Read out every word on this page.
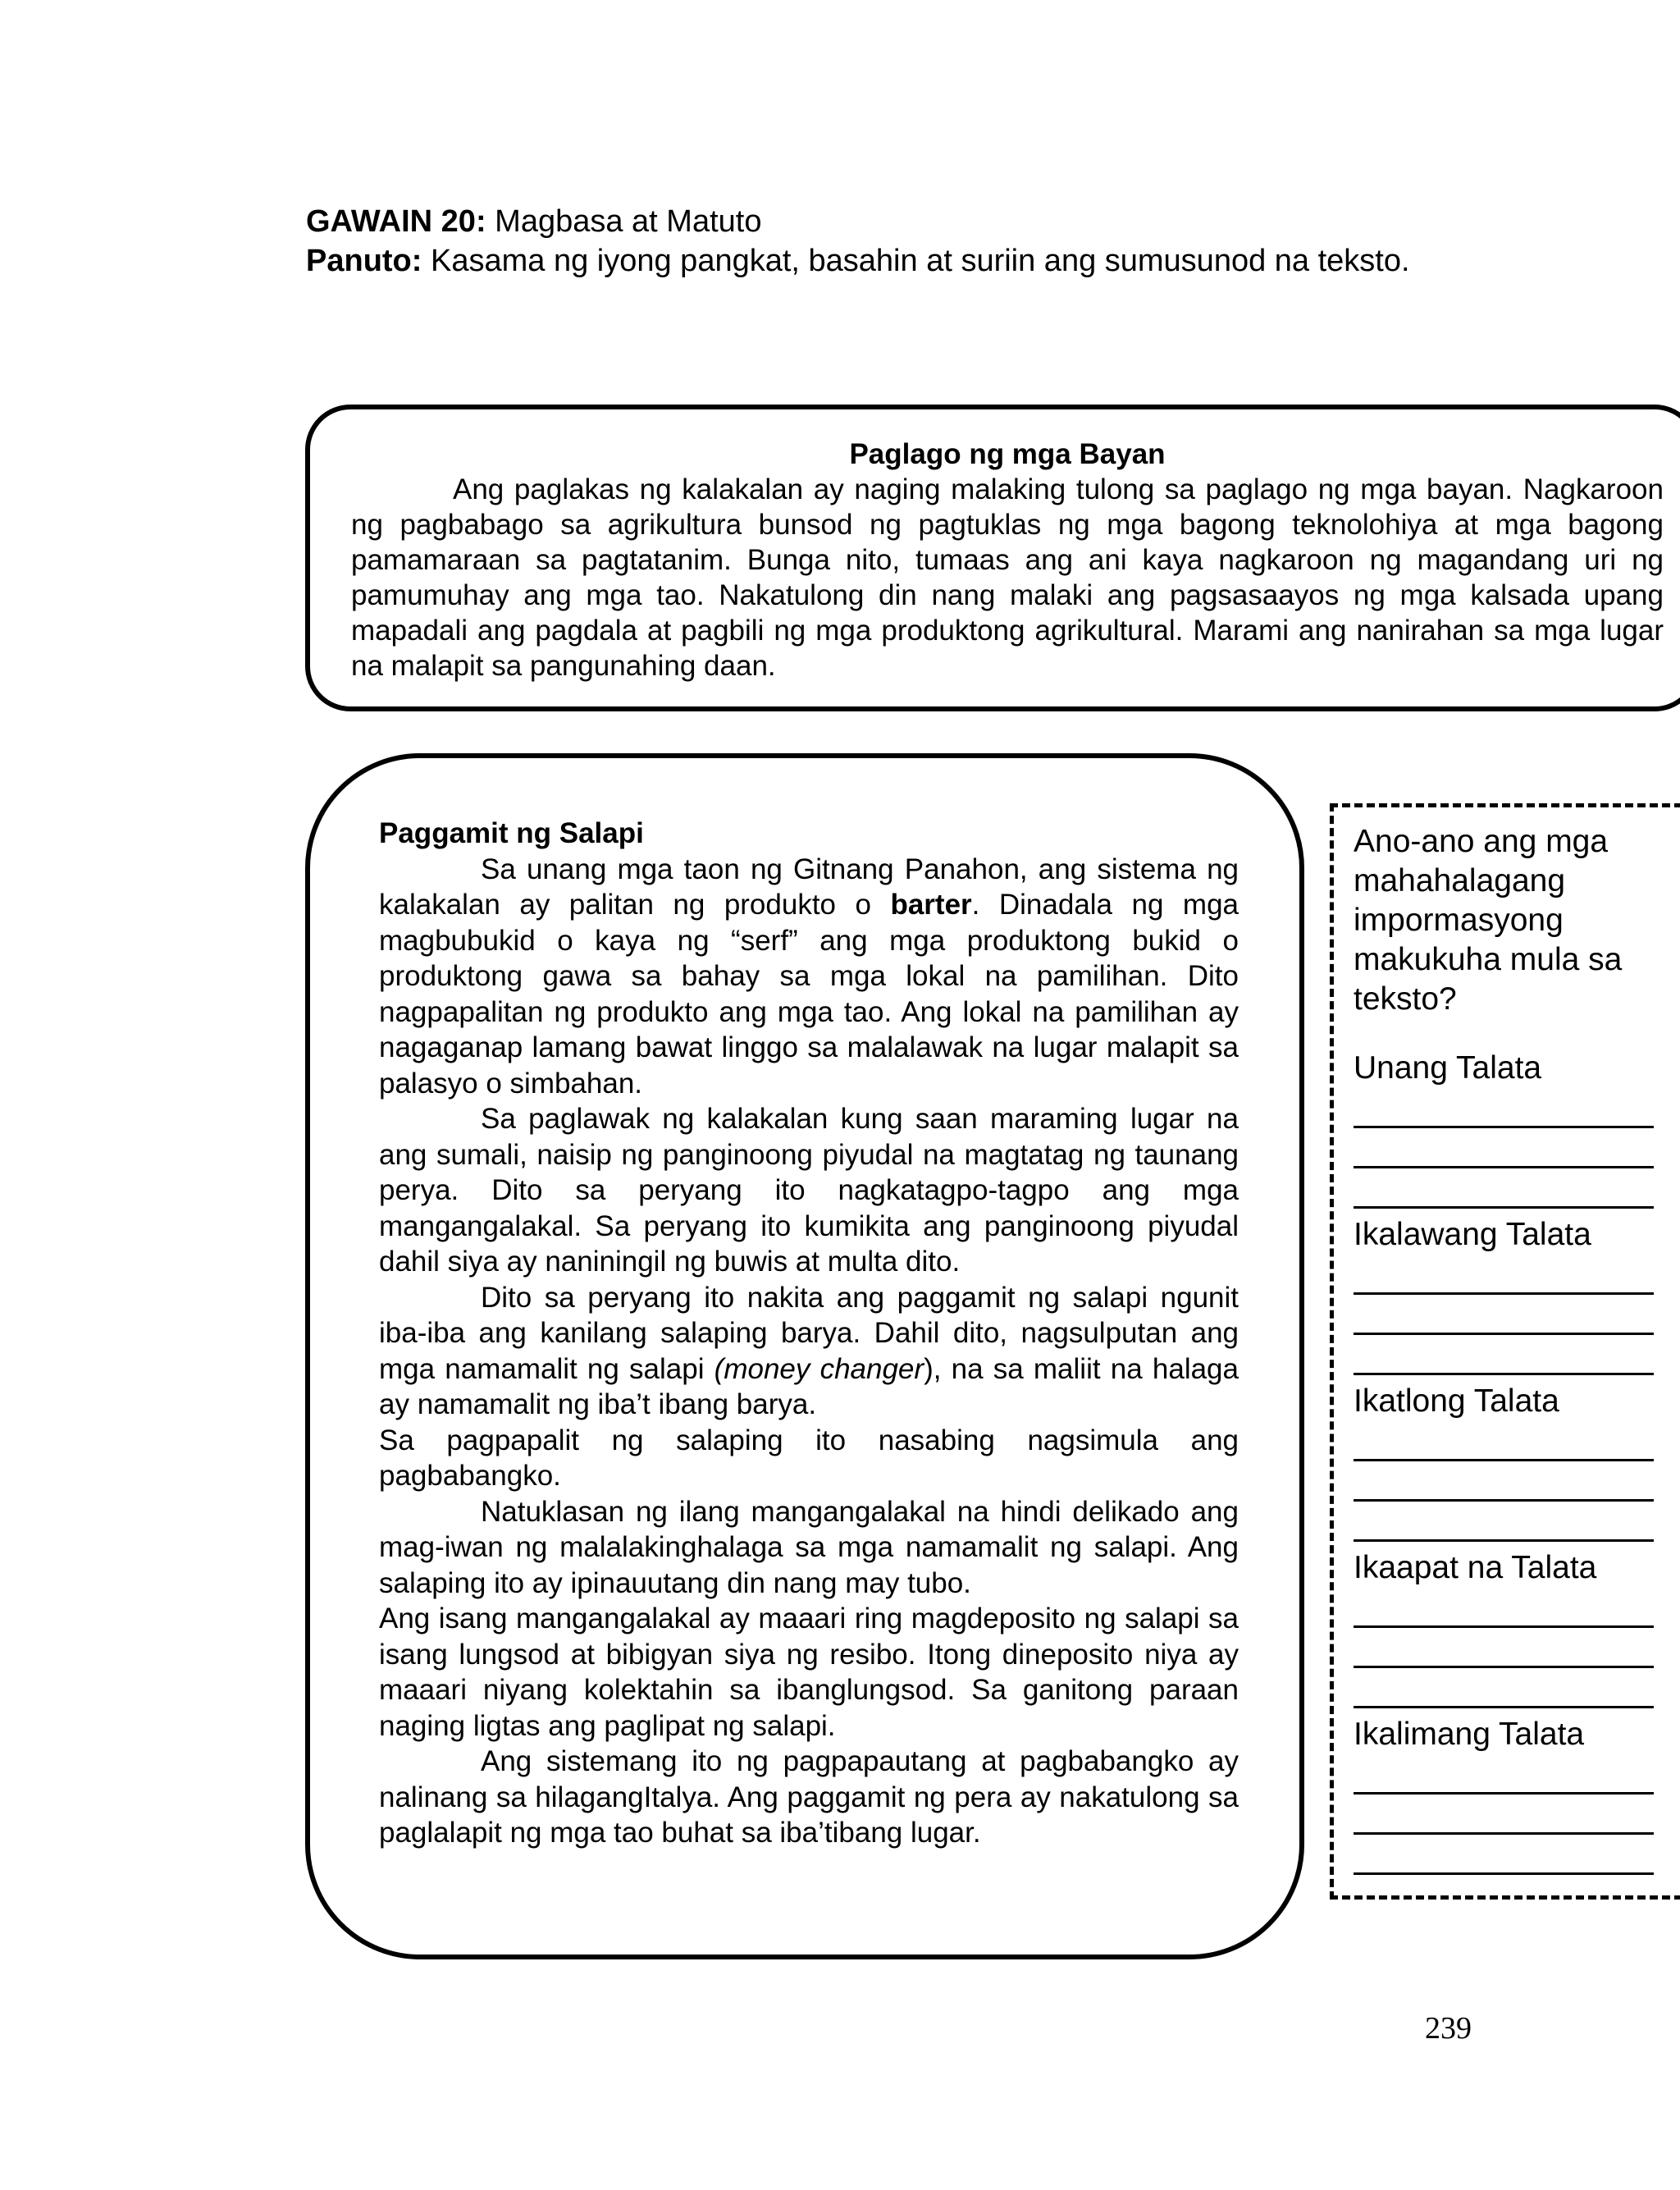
GAWAIN 20: Magbasa at Matuto

Panuto: Kasama ng iyong pangkat, basahin at suriin ang sumusunod na teksto.

Paglago ng mga Bayan

Ang paglakas ng kalakalan ay naging malaking tulong sa paglago ng mga bayan. Nagkaroon ng pagbabago sa agrikultura bunsod ng pagtuklas ng mga bagong teknolohiya at mga bagong pamamaraan sa pagtatanim. Bunga nito, tumaas ang ani kaya nagkaroon ng magandang uri ng pamumuhay ang mga tao. Nakatulong din nang malaki ang pagsasaayos ng mga kalsada upang mapadali ang pagdala at pagbili ng mga produktong agrikultural. Marami ang nanirahan sa mga lugar na malapit sa pangunahing daan.

Paggamit ng Salapi

Sa unang mga taon ng Gitnang Panahon, ang sistema ng kalakalan ay palitan ng produkto o barter. Dinadala ng mga magbubukid o kaya ng “serf” ang mga produktong bukid o produktong gawa sa bahay sa mga lokal na pamilihan. Dito nagpapalitan ng produkto ang mga tao. Ang lokal na pamilihan ay nagaganap lamang bawat linggo sa malalawak na lugar malapit sa palasyo o simbahan.

Sa paglawak ng kalakalan kung saan maraming lugar na ang sumali, naisip ng panginoong piyudal na magtatag ng taunang perya. Dito sa peryang ito nagkatagpo-tagpo ang mga mangangalakal. Sa peryang ito kumikita ang panginoong piyudal dahil siya ay naniningil ng buwis at multa dito.

Dito sa peryang ito nakita ang paggamit ng salapi ngunit iba-iba ang kanilang salaping barya. Dahil dito, nagsulputan ang mga namamalit ng salapi (money changer), na sa maliit na halaga ay namamalit ng iba’t ibang barya.

Sa pagpapalit ng salaping ito nasabing nagsimula ang pagbabangko.

Natuklasan ng ilang mangangalakal na hindi delikado ang mag-iwan ng malalakinghalaga sa mga namamalit ng salapi. Ang salaping ito ay ipinauutang din nang may tubo.

Ang isang mangangalakal ay maaari ring magdeposito ng salapi sa isang lungsod at bibigyan siya ng resibo. Itong dineposito niya ay maaari niyang kolektahin sa ibanglungsod. Sa ganitong paraan naging ligtas ang paglipat ng salapi.

Ang sistemang ito ng pagpapautang at pagbabangko ay nalinang sa hilagangItalya. Ang paggamit ng pera ay nakatulong sa paglalapit ng mga tao buhat sa iba’tibang lugar.

Ano-ano ang mga mahahalagang impormasyong makukuha mula sa teksto?

Unang Talata

Ikalawang Talata

Ikatlong Talata

Ikaapat na Talata

Ikalimang Talata

239
